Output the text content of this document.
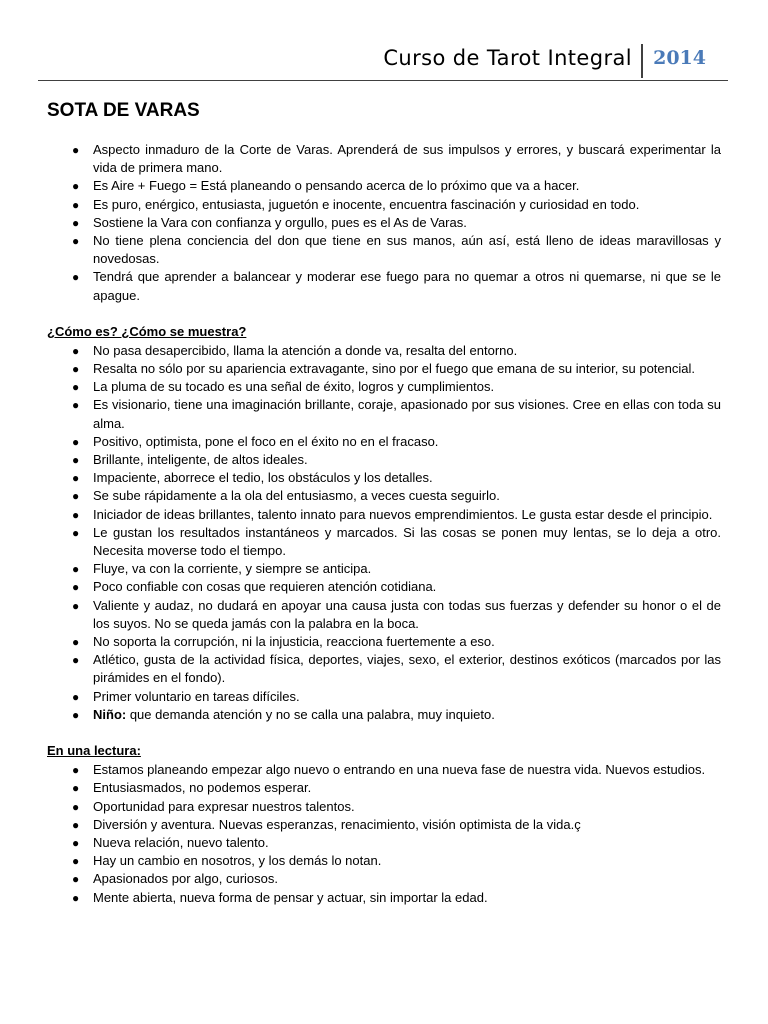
Curso de Tarot Integral 2014
SOTA DE VARAS
● Aspecto inmaduro de la Corte de Varas. Aprenderá de sus impulsos y errores, y buscará experimentar la vida de primera mano.
● Es Aire + Fuego = Está planeando o pensando acerca de lo próximo que va a hacer.
● Es puro, enérgico, entusiasta, juguetón e inocente, encuentra fascinación y curiosidad en todo.
● Sostiene la Vara con confianza y orgullo, pues es el As de Varas.
● No tiene plena conciencia del don que tiene en sus manos, aún así, está lleno de ideas maravillosas y novedosas.
● Tendrá que aprender a balancear y moderar ese fuego para no quemar a otros ni quemarse, ni que se le apague.

¿Cómo es? ¿Cómo se muestra?

● No pasa desapercibido, llama la atención a donde va, resalta del entorno.
● Resalta no sólo por su apariencia extravagante, sino por el fuego que emana de su interior, su potencial.
● La pluma de su tocado es una señal de éxito, logros y cumplimientos.
● Es visionario, tiene una imaginación brillante, coraje, apasionado por sus visiones. Cree en ellas con toda su alma.
● Positivo, optimista, pone el foco en el éxito no en el fracaso.
● Brillante, inteligente, de altos ideales.
● Impaciente, aborrece el tedio, los obstáculos y los detalles.
● Se sube rápidamente a la ola del entusiasmo, a veces cuesta seguirlo.
● Iniciador de ideas brillantes, talento innato para nuevos emprendimientos. Le gusta estar desde el principio.
● Le gustan los resultados instantáneos y marcados. Si las cosas se ponen muy lentas, se lo deja a otro. Necesita moverse todo el tiempo.
● Fluye, va con la corriente, y siempre se anticipa.
● Poco confiable con cosas que requieren atención cotidiana.
● Valiente y audaz, no dudará en apoyar una causa justa con todas sus fuerzas y defender su honor o el de los suyos. No se queda jamás con la palabra en la boca.
● No soporta la corrupción, ni la injusticia, reacciona fuertemente a eso.
● Atlético, gusta de la actividad física, deportes, viajes, sexo, el exterior, destinos exóticos (marcados por las pirámides en el fondo).
● Primer voluntario en tareas difíciles.
● Niño: que demanda atención y no se calla una palabra, muy inquieto.

En una lectura:

● Estamos planeando empezar algo nuevo o entrando en una nueva fase de nuestra vida. Nuevos estudios.
● Entusiasmados, no podemos esperar.
● Oportunidad para expresar nuestros talentos.
● Diversión y aventura. Nuevas esperanzas, renacimiento, visión optimista de la vida.ç
● Nueva relación, nuevo talento.
● Hay un cambio en nosotros, y los demás lo notan.
● Apasionados por algo, curiosos.
● Mente abierta, nueva forma de pensar y actuar, sin importar la edad.
